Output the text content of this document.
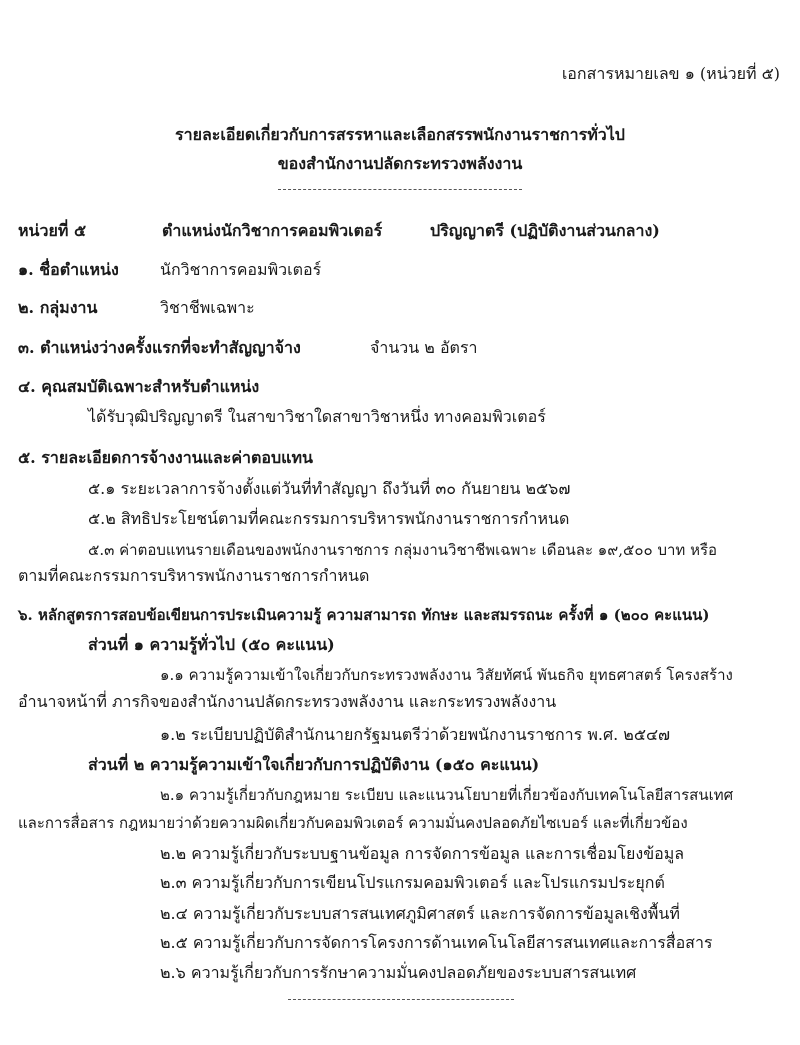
เอกสารหมายเลข ๑ (หน่วยที่ ๕)
รายละเอียดเกี่ยวกับการสรรหาและเลือกสรรพนักงานราชการทั่วไป
ของสำนักงานปลัดกระทรวงพลังงาน
หน่วยที่ ๕	ตำแหน่งนักวิชาการคอมพิวเตอร์	ปริญญาตรี (ปฏิบัติงานส่วนกลาง)
๑. ชื่อตำแหน่ง	นักวิชาการคอมพิวเตอร์
๒. กลุ่มงาน	วิชาชีพเฉพาะ
๓. ตำแหน่งว่างครั้งแรกที่จะทำสัญญาจ้าง	จำนวน ๒ อัตรา
๔. คุณสมบัติเฉพาะสำหรับตำแหน่ง
ได้รับวุฒิปริญญาตรี ในสาขาวิชาใดสาขาวิชาหนึ่ง ทางคอมพิวเตอร์
๕. รายละเอียดการจ้างงานและค่าตอบแทน
๕.๑ ระยะเวลาการจ้างตั้งแต่วันที่ทำสัญญา ถึงวันที่ ๓๐ กันยายน ๒๕๖๗
๕.๒ สิทธิประโยชน์ตามที่คณะกรรมการบริหารพนักงานราชการกำหนด
๕.๓ ค่าตอบแทนรายเดือนของพนักงานราชการ กลุ่มงานวิชาชีพเฉพาะ เดือนละ ๑๙,๕๐๐ บาท หรือ
ตามที่คณะกรรมการบริหารพนักงานราชการกำหนด
๖. หลักสูตรการสอบข้อเขียนการประเมินความรู้ ความสามารถ ทักษะ และสมรรถนะ ครั้งที่ ๑ (๒๐๐ คะแนน)
ส่วนที่ ๑ ความรู้ทั่วไป (๕๐ คะแนน)
๑.๑ ความรู้ความเข้าใจเกี่ยวกับกระทรวงพลังงาน วิสัยทัศน์ พันธกิจ ยุทธศาสตร์ โครงสร้าง
อำนาจหน้าที่ ภารกิจของสำนักงานปลัดกระทรวงพลังงาน และกระทรวงพลังงาน
๑.๒ ระเบียบปฏิบัติสำนักนายกรัฐมนตรีว่าด้วยพนักงานราชการ พ.ศ. ๒๕๔๗
ส่วนที่ ๒ ความรู้ความเข้าใจเกี่ยวกับการปฏิบัติงาน (๑๕๐ คะแนน)
๒.๑ ความรู้เกี่ยวกับกฎหมาย ระเบียบ และแนวนโยบายที่เกี่ยวข้องกับเทคโนโลยีสารสนเทศ
และการสื่อสาร กฎหมายว่าด้วยความผิดเกี่ยวกับคอมพิวเตอร์ ความมั่นคงปลอดภัยไซเบอร์ และที่เกี่ยวข้อง
๒.๒ ความรู้เกี่ยวกับระบบฐานข้อมูล การจัดการข้อมูล และการเชื่อมโยงข้อมูล
๒.๓ ความรู้เกี่ยวกับการเขียนโปรแกรมคอมพิวเตอร์ และโปรแกรมประยุกต์
๒.๔ ความรู้เกี่ยวกับระบบสารสนเทศภูมิศาสตร์ และการจัดการข้อมูลเชิงพื้นที่
๒.๕ ความรู้เกี่ยวกับการจัดการโครงการด้านเทคโนโลยีสารสนเทศและการสื่อสาร
๒.๖ ความรู้เกี่ยวกับการรักษาความมั่นคงปลอดภัยของระบบสารสนเทศ
